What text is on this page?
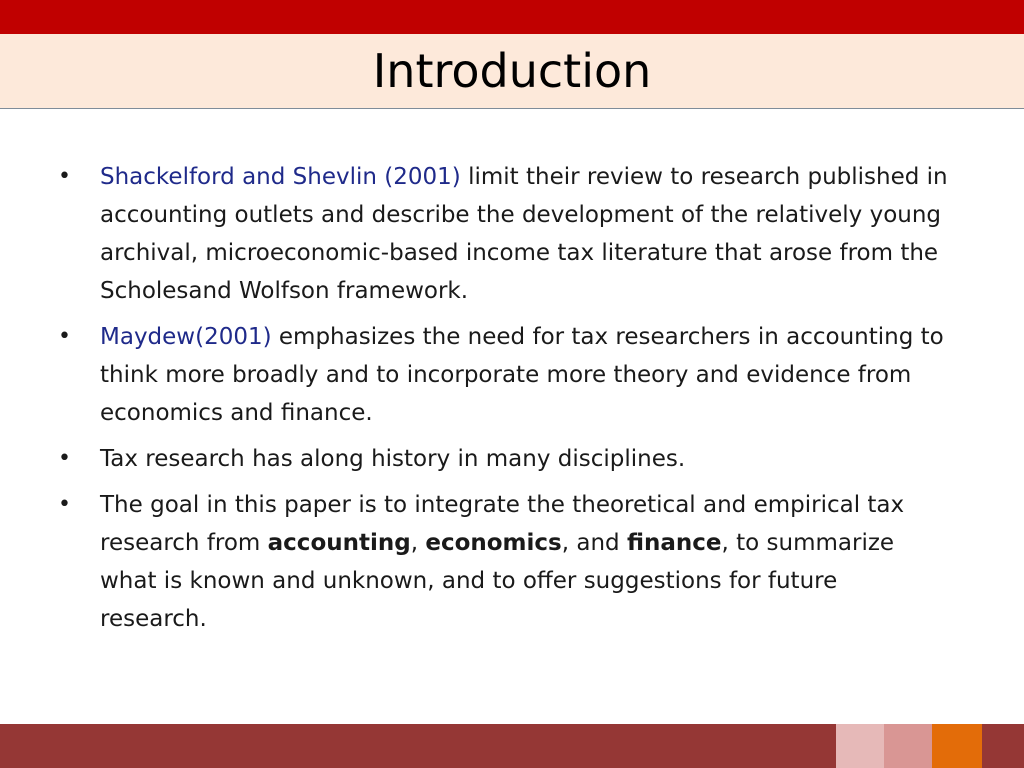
Introduction
•	Shackelford and Shevlin (2001) limit their review to research published in accounting outlets and describe the development of the relatively young archival, microeconomic-based income tax literature that arose from the Scholesand Wolfson framework.
•	Maydew(2001) emphasizes the need for tax researchers in accounting to think more broadly and to incorporate more theory and evidence from economics and finance.
•	Tax research has along history in many disciplines.
•	The goal in this paper is to integrate the theoretical and empirical tax research from accounting, economics, and finance, to summarize what is known and unknown, and to offer suggestions for future research.
